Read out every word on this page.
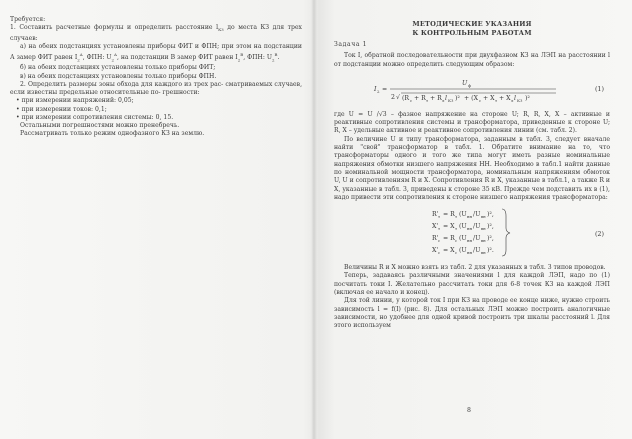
Требуется:

1. Составить расчетные формулы и определить расстояние $l_{КЗ}$ до места КЗ для трех случаев:

а) на обеих подстанциях установлены приборы ФИТ и ФПН; при этом на подстанции А замер ФИТ равен $I_2^A$, ФПН: $U_2^A$, на подстанции В замер ФИТ равен $I_2^B$, ФПН: $U_2^B$.

б) на обеих подстанциях установлены только приборы ФИТ;

в) на обеих подстанциях установлены только приборы ФПН.

2. Определить размеры зоны обхода для каждого из трех рас- сматриваемых случаев, если известны предельные относительные по- грешности:

• при измерении напряжений: 0,05;
• при измерении токов: 0,1;
• при измерении сопротивления системы: 0, 15.

Остальными погрешностями можно пренебречь.

Рассматривать только режим однофазного КЗ на землю.

МЕТОДИЧЕСКИЕ УКАЗАНИЯ
К КОНТРОЛЬНЫМ РАБОТАМ

Задача 1

Ток I, обратной последовательности при двухфазном КЗ на ЛЭП на расстоянии l от подстанции можно определить следующим образом:

I 2 =
U ф
2 √ (R с + R т + R л l КЗ )² + (X с + X т + X л l КЗ )²
(1)

где U = U /√3 – фазное напряжение на стороне U; R, R, X, X – активные и реактивные сопротивления системы и трансформатора, приведенные к стороне U; R, X – удельные активное и реактивное сопротивления линии (см. табл. 2).

По величине U и типу трансформатора, заданным в табл. 3, следует вначале найти "свой" трансформатор в табл. 1. Обратите внимание на то, что трансформаторы одного и того же типа могут иметь разные номинальные напряжения обмотки низшего напряжения НН. Необходимо в табл.1 найти данные по номинальной мощности трансформатора, номинальным напряжениям обмоток U, U и сопротивлениям R и X. Сопротивления R и X, указанные в табл.1, а также R и X, указанные в табл. 3, приведены к стороне 35 кВ. Прежде чем подставить их в (1), надо привести эти сопротивления к стороне низшего напряжения трансформатора:

R' т = R т (U нн /U вн )²,
X' т = X т (U нн /U вн )²,
R' с = R с (U нн /U вн )²,
X' с = X с (U нн /U вн )².
(2)

Величины R и X можно взять из табл. 2 для указанных в табл. 3 типов проводов.

Теперь, задаваясь различными значениями l для каждой ЛЭП, надо по (1) посчитать токи I. Желательно рассчитать токи для 6-8 точек КЗ на каждой ЛЭП (включая ее начало и конец).

Для той линии, у которой ток I при КЗ на проводе ее конце ниже, нужно строить зависимость l = f(I) (рис. 8). Для остальных ЛЭП можно построить аналогичные зависимости, но удобнее для одной кривой построить три шкалы расстояний l. Для этого используем

8
